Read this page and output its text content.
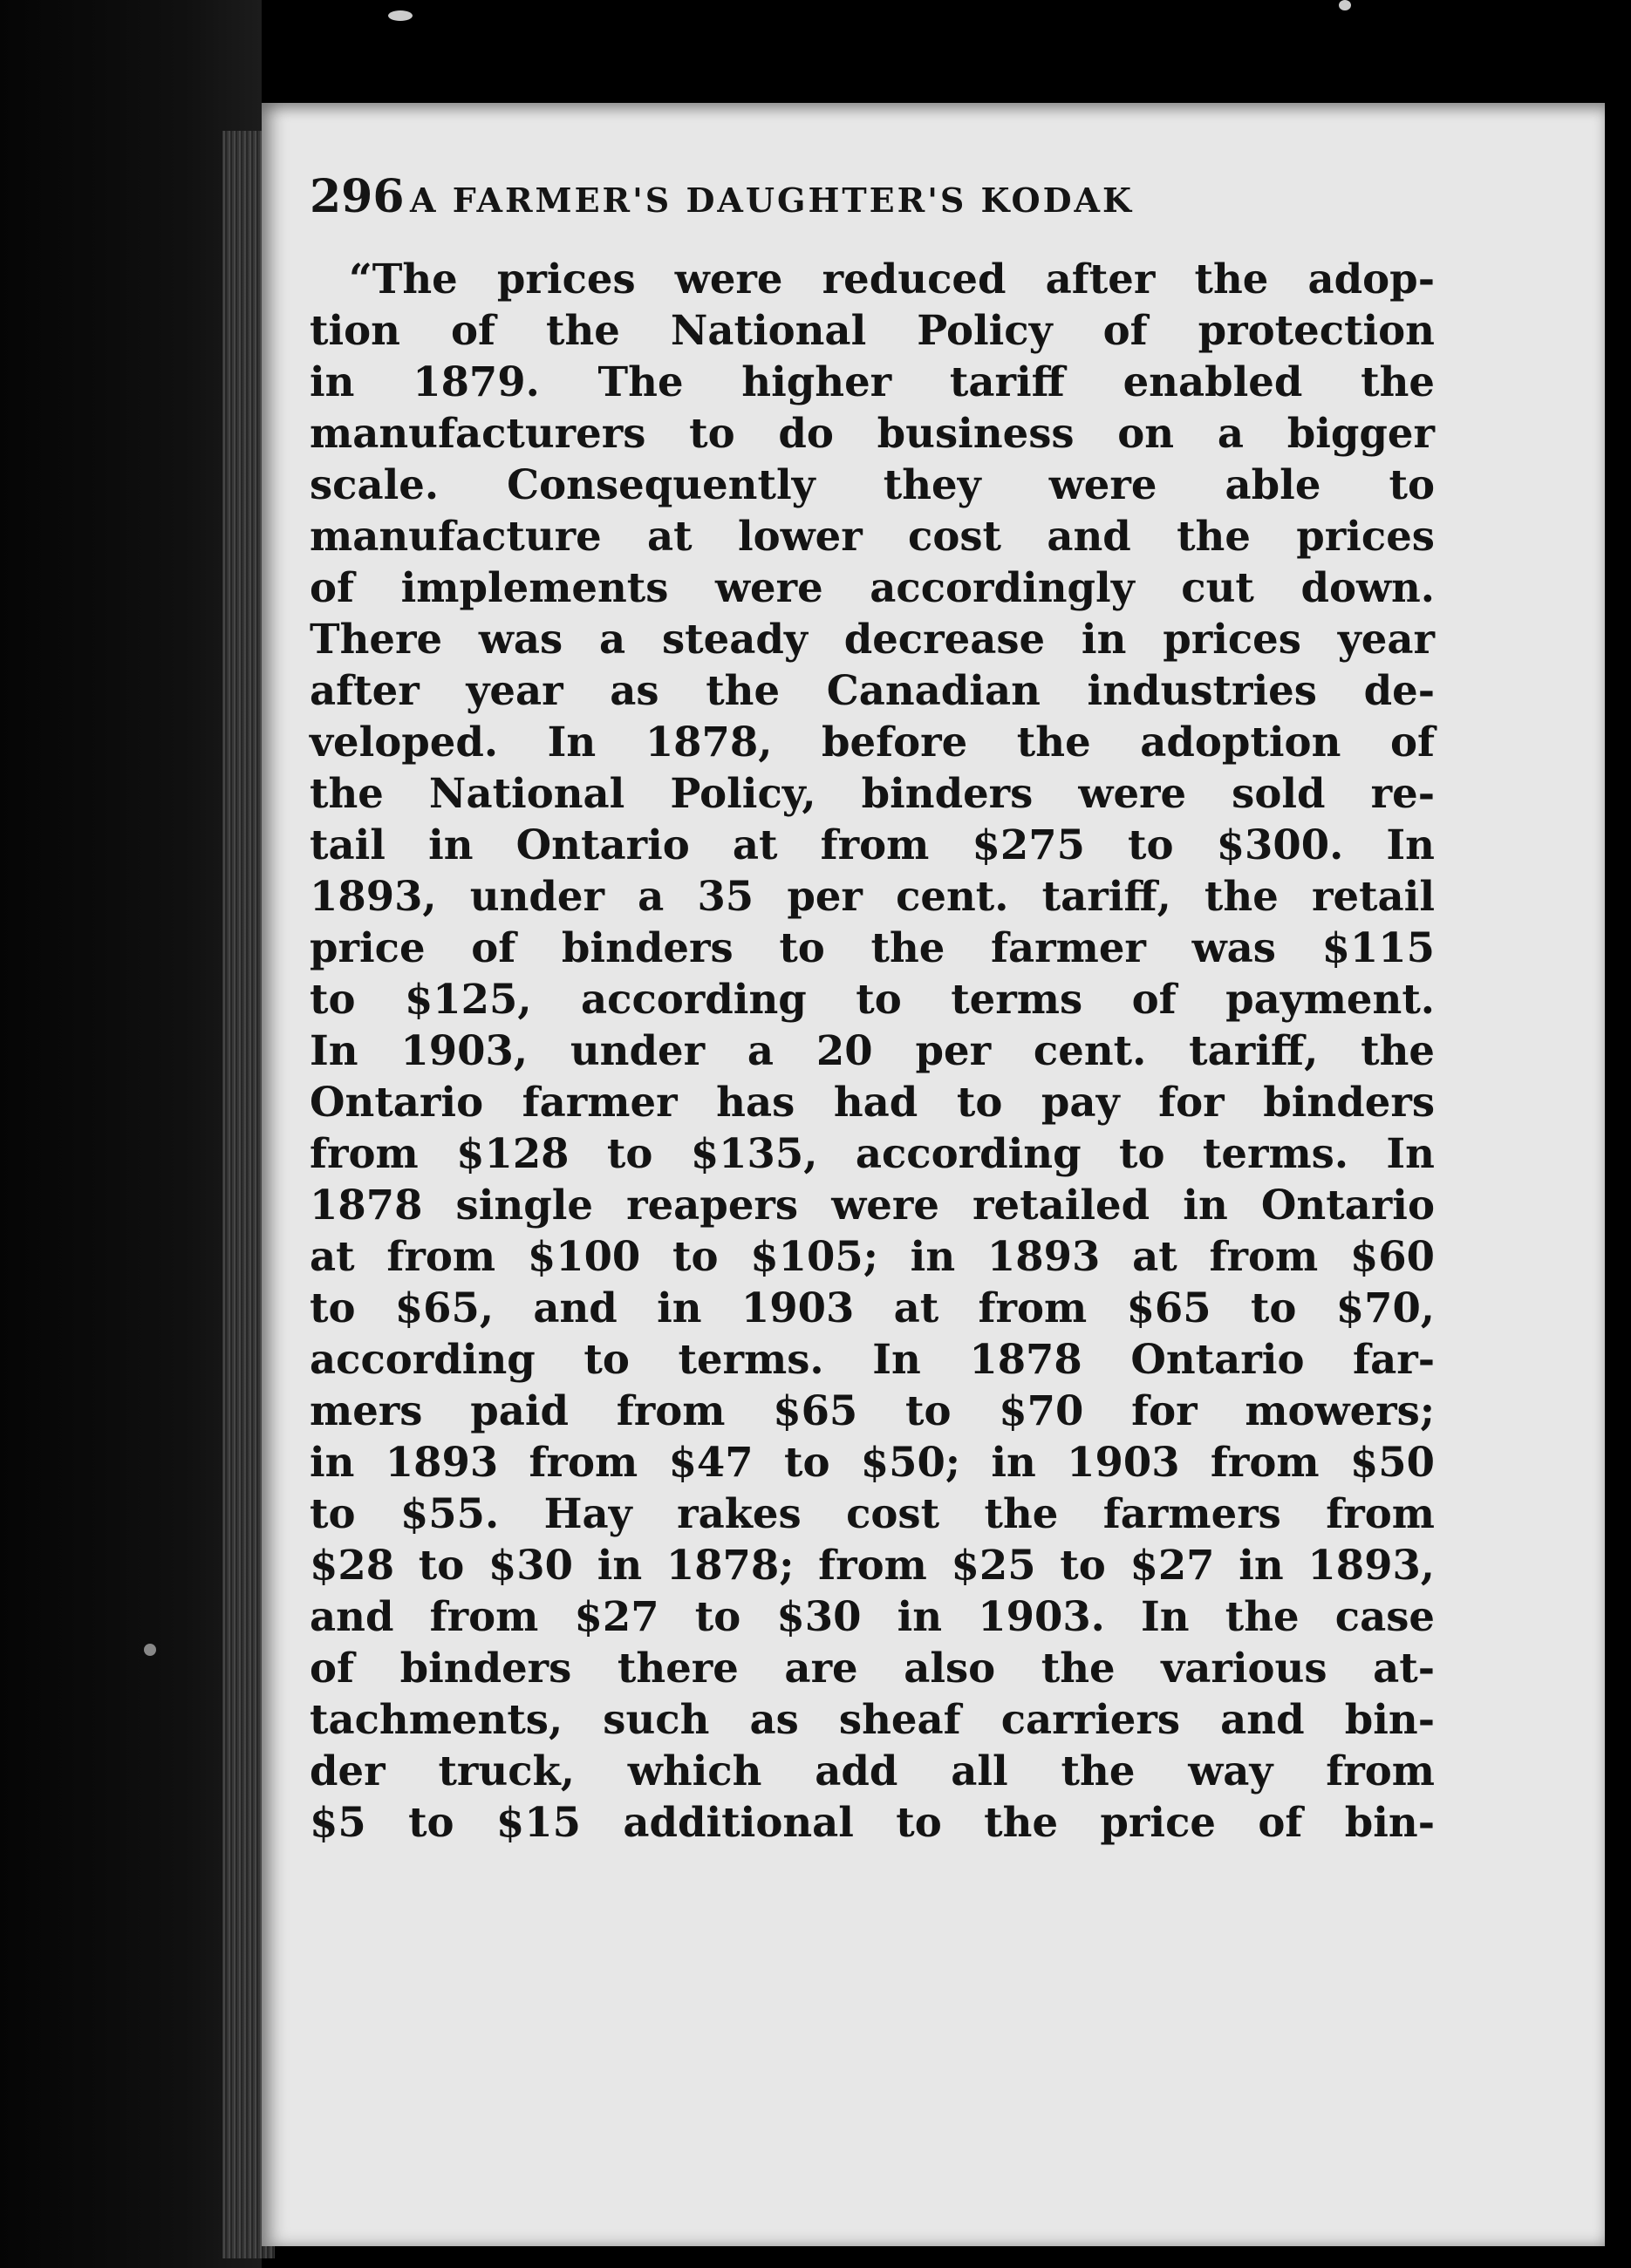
296 A FARMER'S DAUGHTER'S KODAK
“The prices were reduced after the adop-
tion of the National Policy of protection
in 1879. The higher tariff enabled the
manufacturers to do business on a bigger
scale. Consequently they were able to
manufacture at lower cost and the prices
of implements were accordingly cut down.
There was a steady decrease in prices year
after year as the Canadian industries de-
veloped. In 1878, before the adoption of
the National Policy, binders were sold re-
tail in Ontario at from $275 to $300. In
1893, under a 35 per cent. tariff, the retail
price of binders to the farmer was $115
to $125, according to terms of payment.
In 1903, under a 20 per cent. tariff, the
Ontario farmer has had to pay for binders
from $128 to $135, according to terms. In
1878 single reapers were retailed in Ontario
at from $100 to $105; in 1893 at from $60
to $65, and in 1903 at from $65 to $70,
according to terms. In 1878 Ontario far-
mers paid from $65 to $70 for mowers;
in 1893 from $47 to $50; in 1903 from $50
to $55. Hay rakes cost the farmers from
$28 to $30 in 1878; from $25 to $27 in 1893,
and from $27 to $30 in 1903. In the case
of binders there are also the various at-
tachments, such as sheaf carriers and bin-
der truck, which add all the way from
$5 to $15 additional to the price of bin-
